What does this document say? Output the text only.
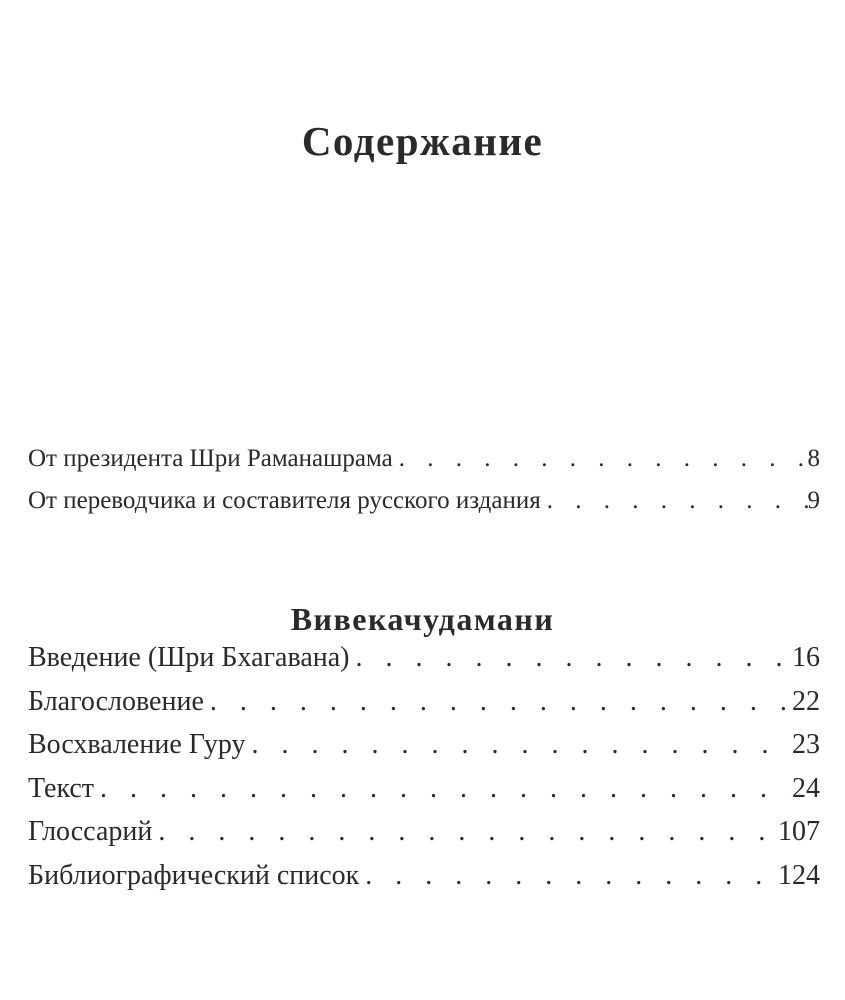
Содержание
От президента Шри Раманашрама . . .	8
От переводчика и составителя русского издания . . .	9
Вивекачудамани
Введение (Шри Бхагавана) . . .	16
Благословение . . .	22
Восхваление Гуру . . .	23
Текст . . .	24
Глоссарий . . .	107
Библиографический список . . .	124
